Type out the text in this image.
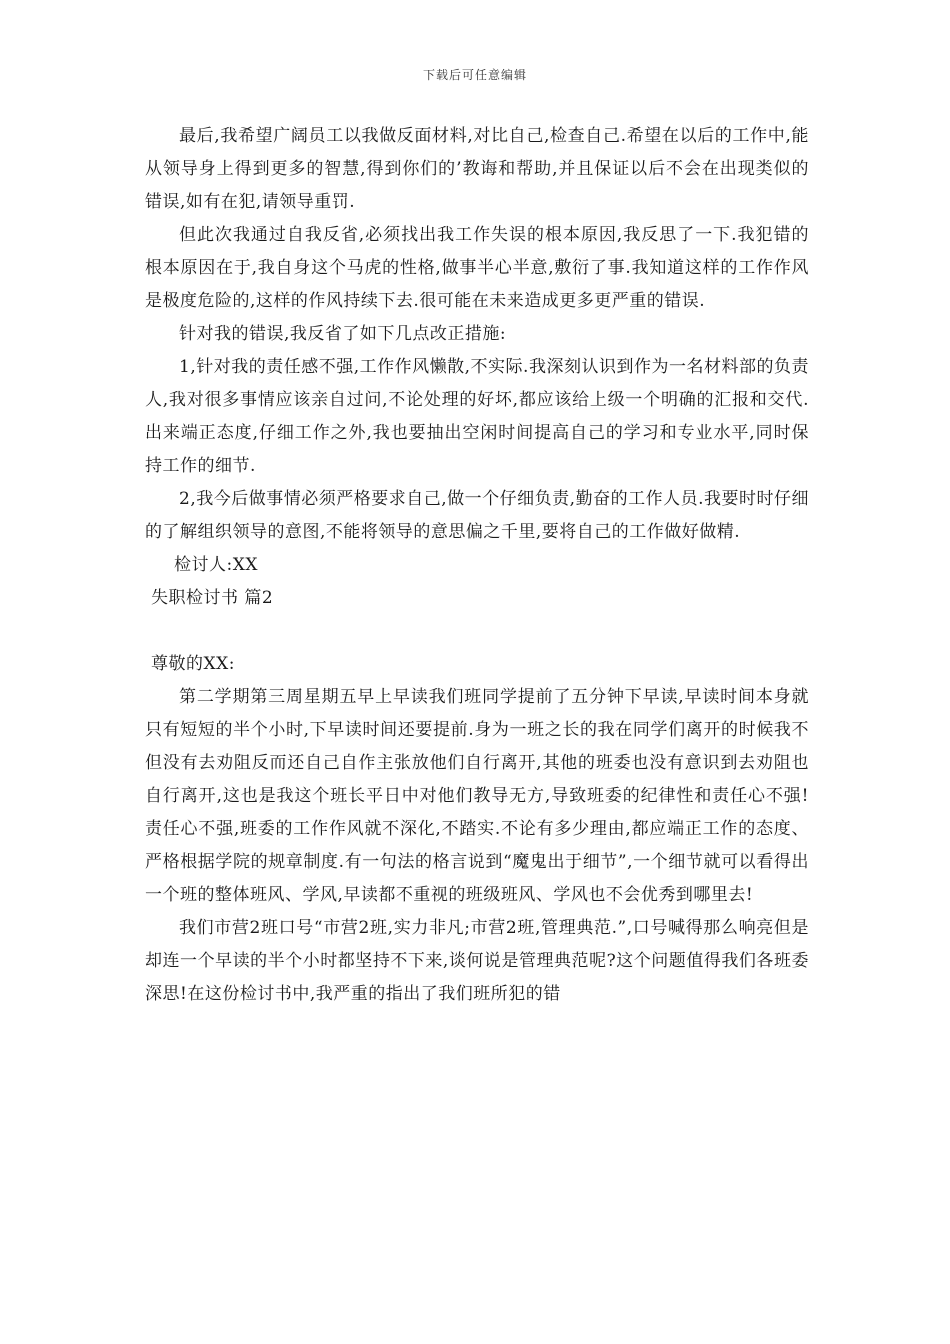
下载后可任意编辑

最后,我希望广阔员工以我做反面材料,对比自己,检查自己.希望在以后的工作中,能从领导身上得到更多的智慧,得到你们的’教诲和帮助,并且保证以后不会在出现类似的错误,如有在犯,请领导重罚.

但此次我通过自我反省,必须找出我工作失误的根本原因,我反思了一下.我犯错的根本原因在于,我自身这个马虎的性格,做事半心半意,敷衍了事.我知道这样的工作作风是极度危险的,这样的作风持续下去.很可能在未来造成更多更严重的错误.

针对我的错误,我反省了如下几点改正措施:

1,针对我的责任感不强,工作作风懒散,不实际.我深刻认识到作为一名材料部的负责人,我对很多事情应该亲自过问,不论处理的好坏,都应该给上级一个明确的汇报和交代.出来端正态度,仔细工作之外,我也要抽出空闲时间提高自己的学习和专业水平,同时保持工作的细节.

2,我今后做事情必须严格要求自己,做一个仔细负责,勤奋的工作人员.我要时时仔细的了解组织领导的意图,不能将领导的意思偏之千里,要将自己的工作做好做精.

检讨人:XX

失职检讨书 篇2

尊敬的XX:

第二学期第三周星期五早上早读我们班同学提前了五分钟下早读,早读时间本身就只有短短的半个小时,下早读时间还要提前.身为一班之长的我在同学们离开的时候我不但没有去劝阻反而还自己自作主张放他们自行离开,其他的班委也没有意识到去劝阻也自行离开,这也是我这个班长平日中对他们教导无方,导致班委的纪律性和责任心不强!责任心不强,班委的工作作风就不深化,不踏实.不论有多少理由,都应端正工作的态度、严格根据学院的规章制度.有一句法的格言说到“魔鬼出于细节”,一个细节就可以看得出一个班的整体班风、学风,早读都不重视的班级班风、学风也不会优秀到哪里去!

我们市营2班口号“市营2班,实力非凡;市营2班,管理典范.”,口号喊得那么响亮但是却连一个早读的半个小时都坚持不下来,谈何说是管理典范呢?这个问题值得我们各班委深思!在这份检讨书中,我严重的指出了我们班所犯的错
